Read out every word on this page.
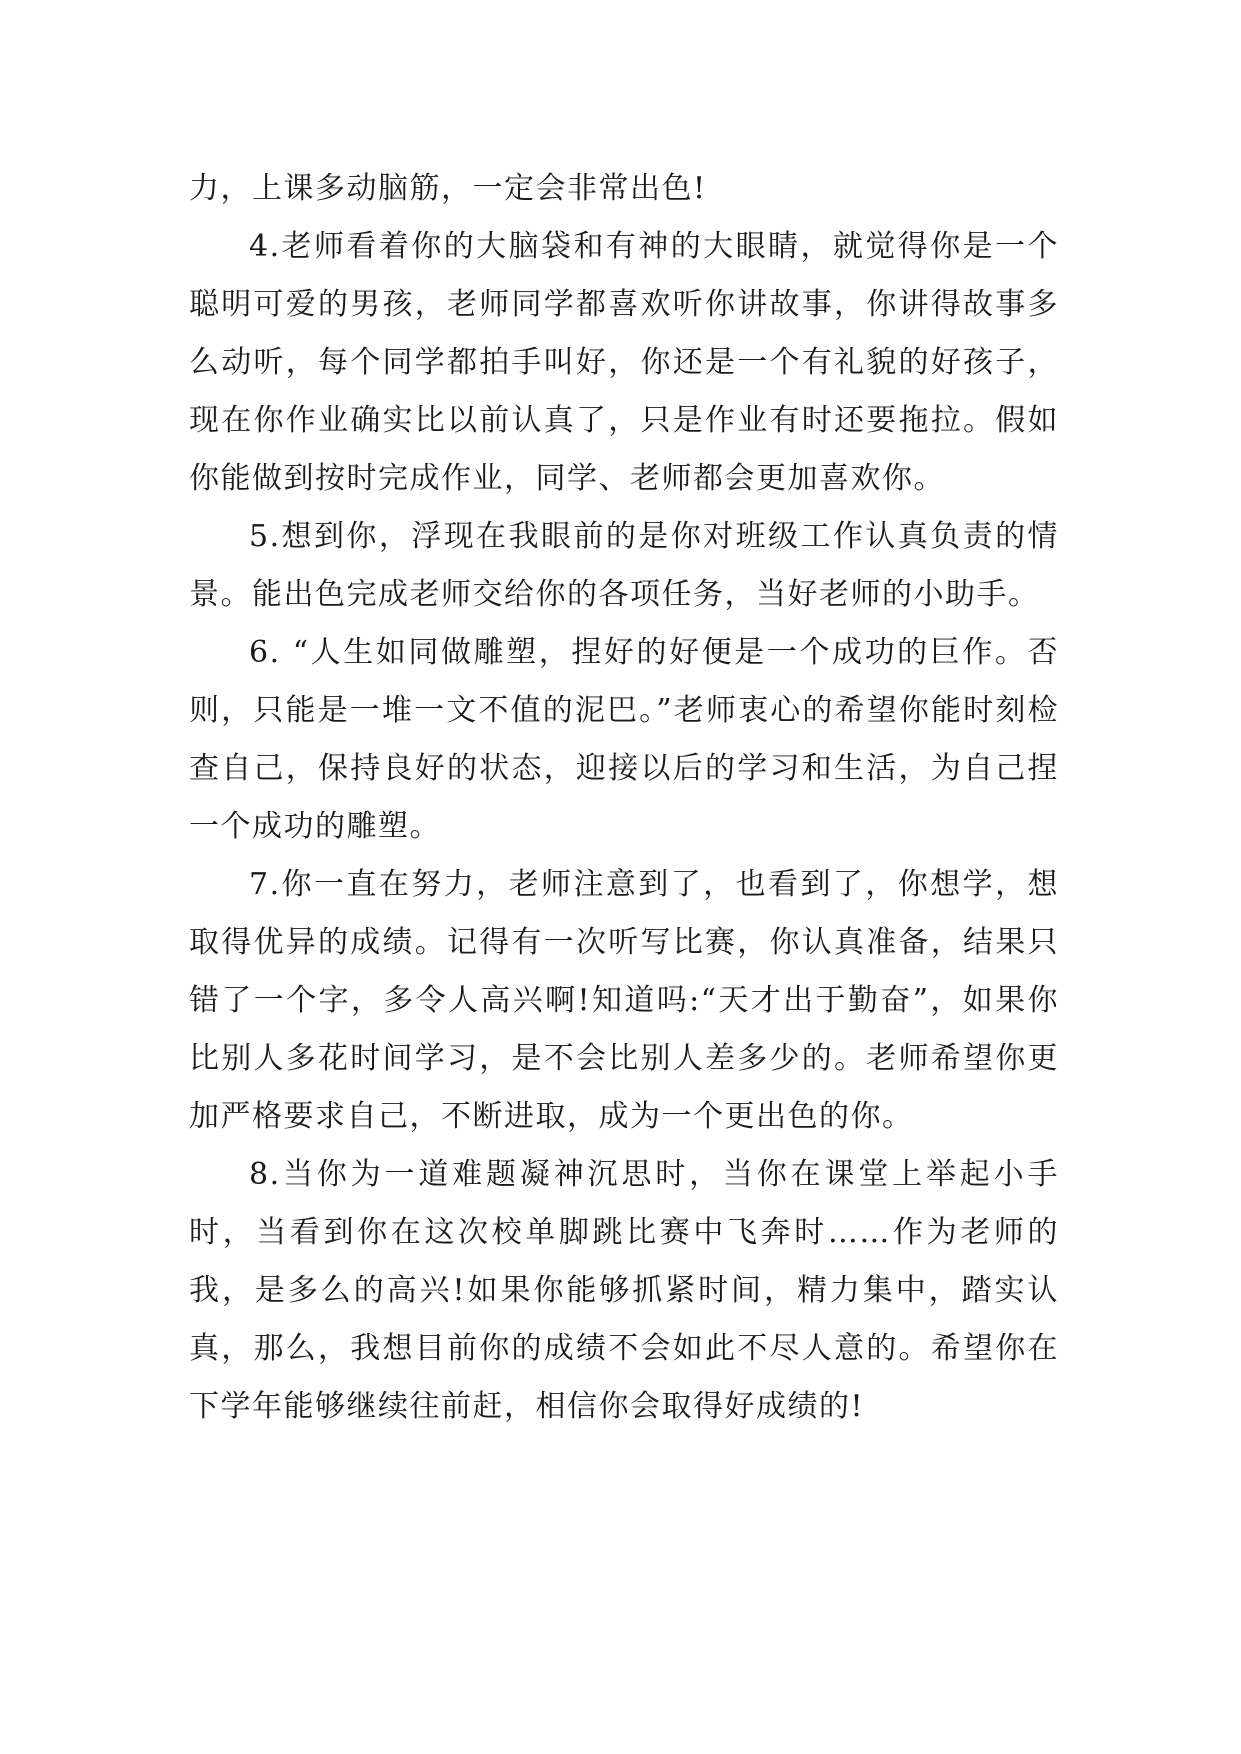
力，上课多动脑筋，一定会非常出色!

4.老师看着你的大脑袋和有神的大眼睛，就觉得你是一个聪明可爱的男孩，老师同学都喜欢听你讲故事，你讲得故事多么动听，每个同学都拍手叫好，你还是一个有礼貌的好孩子，现在你作业确实比以前认真了，只是作业有时还要拖拉。假如你能做到按时完成作业，同学、老师都会更加喜欢你。

5.想到你，浮现在我眼前的是你对班级工作认真负责的情景。能出色完成老师交给你的各项任务，当好老师的小助手。

6. “人生如同做雕塑，捏好的好便是一个成功的巨作。否则，只能是一堆一文不值的泥巴。”老师衷心的希望你能时刻检查自己，保持良好的状态，迎接以后的学习和生活，为自己捏一个成功的雕塑。

7.你一直在努力，老师注意到了，也看到了，你想学，想取得优异的成绩。记得有一次听写比赛，你认真准备，结果只错了一个字，多令人高兴啊!知道吗:“天才出于勤奋”，如果你比别人多花时间学习，是不会比别人差多少的。老师希望你更加严格要求自己，不断进取，成为一个更出色的你。

8.当你为一道难题凝神沉思时，当你在课堂上举起小手时，当看到你在这次校单脚跳比赛中飞奔时……作为老师的我，是多么的高兴!如果你能够抓紧时间，精力集中，踏实认真，那么，我想目前你的成绩不会如此不尽人意的。希望你在下学年能够继续往前赶，相信你会取得好成绩的!
